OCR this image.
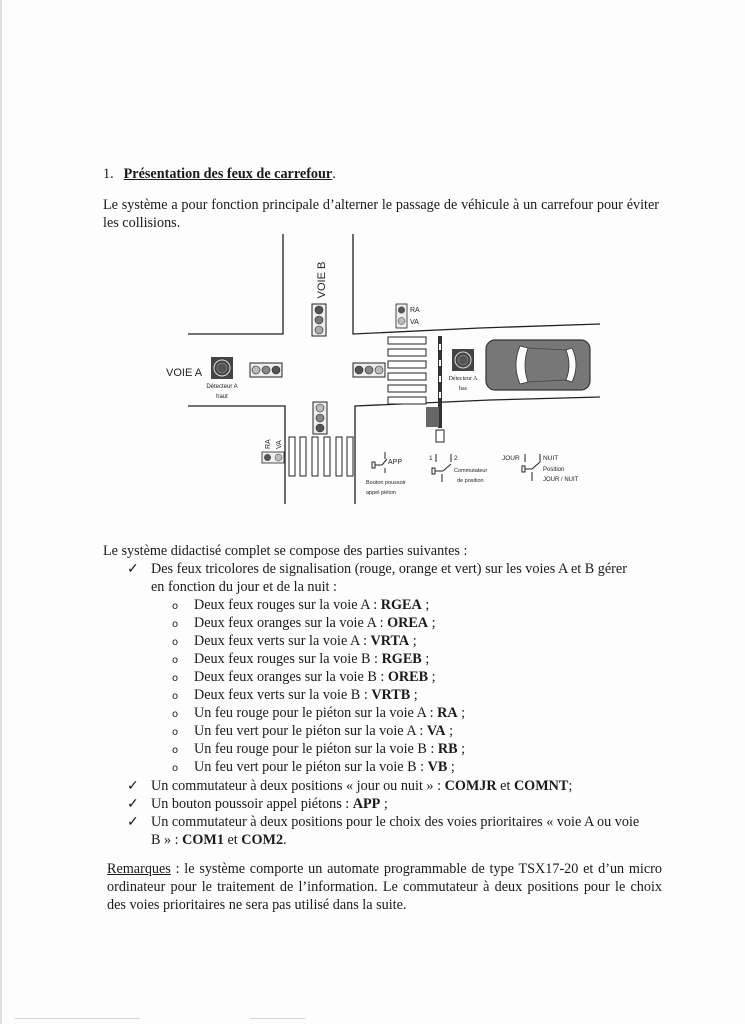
1. Présentation des feux de carrefour.
Le système a pour fonction principale d’alterner le passage de véhicule à un carrefour pour éviter les collisions.
VOIE B
RA
VA
VOIE A
Détecteur A
haut
Détecteur A
bas
RA VA
APP
Bouton poussoir
appel piéton
1	2
Commutateur
de position
JOUR	NUIT
Position
JOUR / NUIT
Le système didactisé complet se compose des parties suivantes :
✓ Des feux tricolores de signalisation (rouge, orange et vert) sur les voies A et B gérer
en fonction du jour et de la nuit :
o Deux feux rouges sur la voie A : RGEA ;
o Deux feux oranges sur la voie A : OREA ;
o Deux feux verts sur la voie A : VRTA ;
o Deux feux rouges sur la voie B : RGEB ;
o Deux feux oranges sur la voie B : OREB ;
o Deux feux verts sur la voie B : VRTB ;
o Un feu rouge pour le piéton sur la voie A : RA ;
o Un feu vert pour le piéton sur la voie A : VA ;
o Un feu rouge pour le piéton sur la voie B : RB ;
o Un feu vert pour le piéton sur la voie B : VB ;
✓ Un commutateur à deux positions « jour ou nuit » : COMJR et COMNT;
✓ Un bouton poussoir appel piétons : APP ;
✓ Un commutateur à deux positions pour le choix des voies prioritaires « voie A ou voie
B » : COM1 et COM2.
Remarques : le système comporte un automate programmable de type TSX17-20 et d’un micro ordinateur pour le traitement de l’information. Le commutateur à deux positions pour le choix des voies prioritaires ne sera pas utilisé dans la suite.
